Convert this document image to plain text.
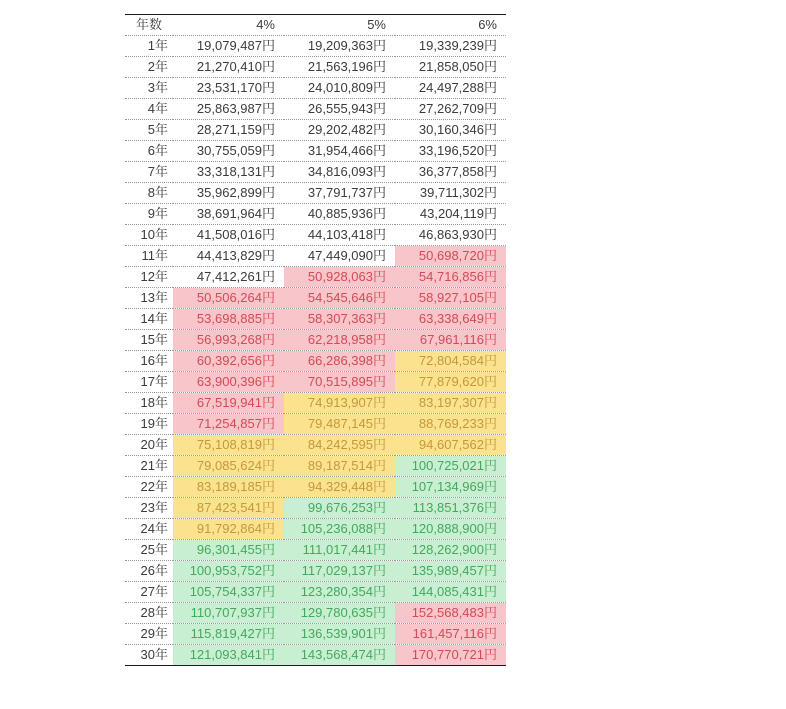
年数	4%	5%	6%
1年	19,079,487円	19,209,363円	19,339,239円
2年	21,270,410円	21,563,196円	21,858,050円
3年	23,531,170円	24,010,809円	24,497,288円
4年	25,863,987円	26,555,943円	27,262,709円
5年	28,271,159円	29,202,482円	30,160,346円
6年	30,755,059円	31,954,466円	33,196,520円
7年	33,318,131円	34,816,093円	36,377,858円
8年	35,962,899円	37,791,737円	39,711,302円
9年	38,691,964円	40,885,936円	43,204,119円
10年	41,508,016円	44,103,418円	46,863,930円
11年	44,413,829円	47,449,090円	50,698,720円
12年	47,412,261円	50,928,063円	54,716,856円
13年	50,506,264円	54,545,646円	58,927,105円
14年	53,698,885円	58,307,363円	63,338,649円
15年	56,993,268円	62,218,958円	67,961,116円
16年	60,392,656円	66,286,398円	72,804,584円
17年	63,900,396円	70,515,895円	77,879,620円
18年	67,519,941円	74,913,907円	83,197,307円
19年	71,254,857円	79,487,145円	88,769,233円
20年	75,108,819円	84,242,595円	94,607,562円
21年	79,085,624円	89,187,514円	100,725,021円
22年	83,189,185円	94,329,448円	107,134,969円
23年	87,423,541円	99,676,253円	113,851,376円
24年	91,792,864円	105,236,088円	120,888,900円
25年	96,301,455円	111,017,441円	128,262,900円
26年	100,953,752円	117,029,137円	135,989,457円
27年	105,754,337円	123,280,354円	144,085,431円
28年	110,707,937円	129,780,635円	152,568,483円
29年	115,819,427円	136,539,901円	161,457,116円
30年	121,093,841円	143,568,474円	170,770,721円
